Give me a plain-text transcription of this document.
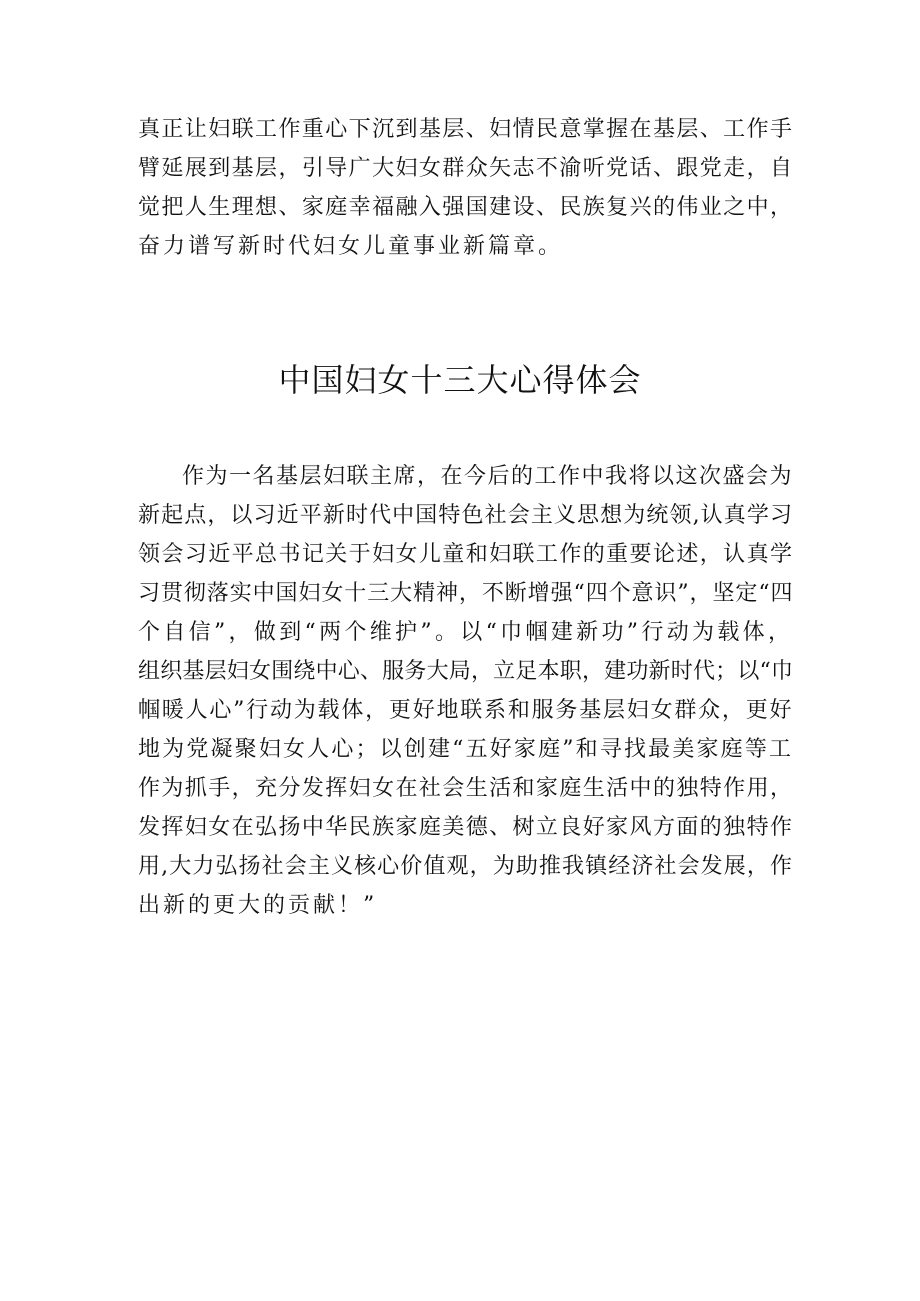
真正让妇联工作重心下沉到基层、妇情民意掌握在基层、工作手
臂延展到基层，引导广大妇女群众矢志不渝听党话、跟党走，自
觉把人生理想、家庭幸福融入强国建设、民族复兴的伟业之中，
奋力谱写新时代妇女儿童事业新篇章。
中国妇女十三大心得体会
作为一名基层妇联主席，在今后的工作中我将以这次盛会为
新起点，以习近平新时代中国特色社会主义思想为统领,认真学习
领会习近平总书记关于妇女儿童和妇联工作的重要论述，认真学
习贯彻落实中国妇女十三大精神，不断增强“四个意识”，坚定“四
个自信”，做到“两个维护”。以“巾帼建新功”行动为载体，
组织基层妇女围绕中心、服务大局，立足本职，建功新时代；以“巾
帼暖人心”行动为载体，更好地联系和服务基层妇女群众，更好
地为党凝聚妇女人心；以创建“五好家庭”和寻找最美家庭等工
作为抓手，充分发挥妇女在社会生活和家庭生活中的独特作用，
发挥妇女在弘扬中华民族家庭美德、树立良好家风方面的独特作
用,大力弘扬社会主义核心价值观，为助推我镇经济社会发展，作
出新的更大的贡献！”
